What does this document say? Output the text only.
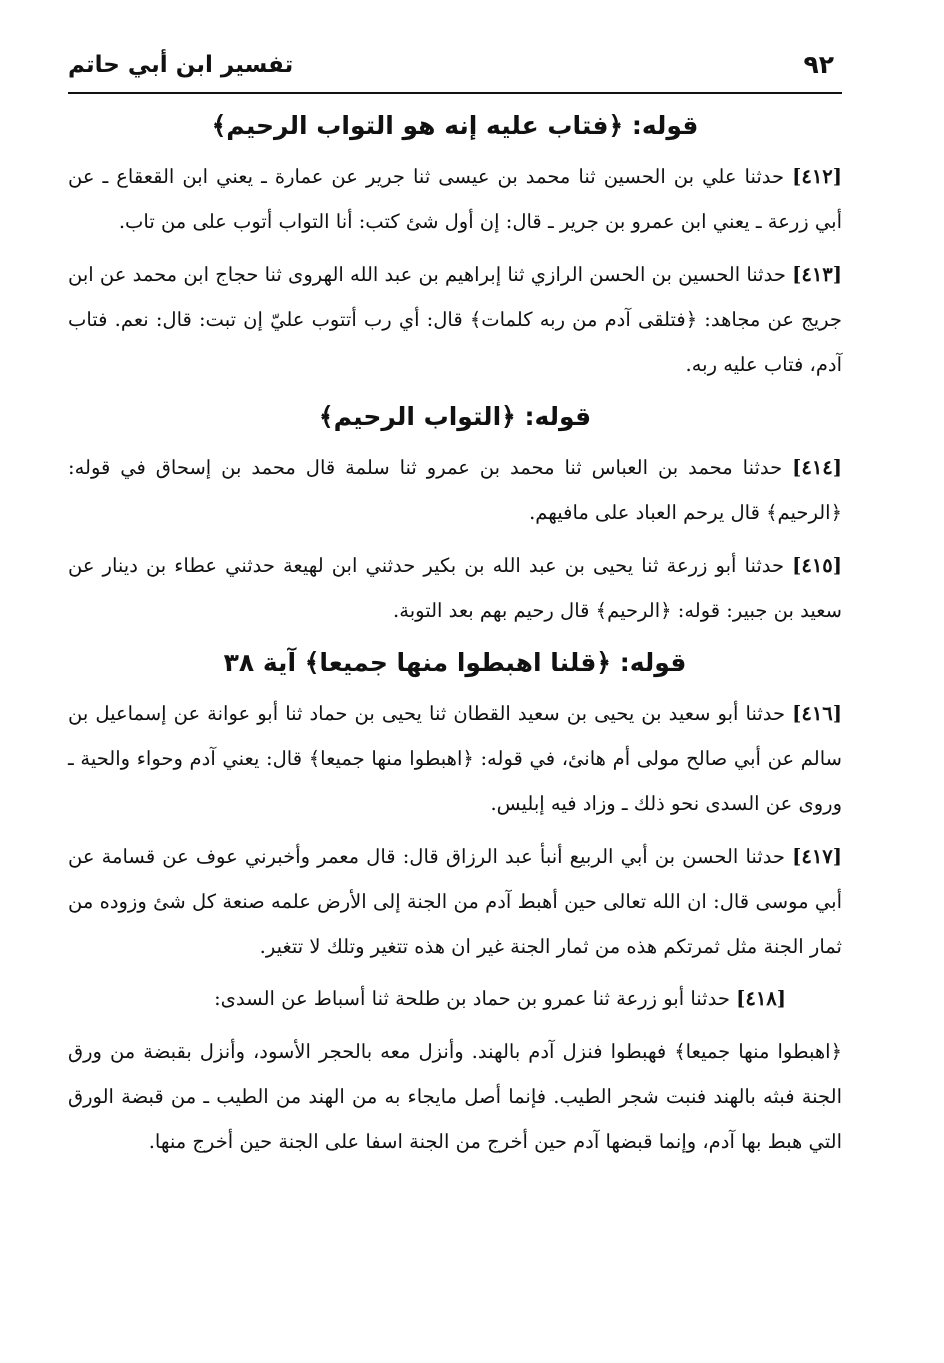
٩٢
تفسير ابن أبي حاتم
قوله: ﴿فتاب عليه إنه هو التواب الرحيم﴾

[٤١٢] حدثنا علي بن الحسين ثنا محمد بن عيسى ثنا جرير عن عمارة ـ يعني ابن القعقاع ـ عن أبي زرعة ـ يعني ابن عمرو بن جرير ـ قال: إن أول شئ كتب: أنا التواب أتوب على من تاب.

[٤١٣] حدثنا الحسين بن الحسن الرازي ثنا إبراهيم بن عبد الله الهروى ثنا حجاج ابن محمد عن ابن جريج عن مجاهد: ﴿فتلقى آدم من ربه كلمات﴾ قال: أي رب أتتوب عليّ إن تبت: قال: نعم. فتاب آدم، فتاب عليه ربه.

قوله: ﴿التواب الرحيم﴾

[٤١٤] حدثنا محمد بن العباس ثنا محمد بن عمرو ثنا سلمة قال محمد بن إسحاق في قوله: ﴿الرحيم﴾ قال يرحم العباد على مافيهم.

[٤١٥] حدثنا أبو زرعة ثنا يحيى بن عبد الله بن بكير حدثني ابن لهيعة حدثني عطاء بن دينار عن سعيد بن جبير: قوله: ﴿الرحيم﴾ قال رحيم بهم بعد التوبة.

قوله: ﴿قلنا اهبطوا منها جميعا﴾ آية ٣٨

[٤١٦] حدثنا أبو سعيد بن يحيى بن سعيد القطان ثنا يحيى بن حماد ثنا أبو عوانة عن إسماعيل بن سالم عن أبي صالح مولى أم هانئ، في قوله: ﴿اهبطوا منها جميعا﴾ قال: يعني آدم وحواء والحية ـ وروى عن السدى نحو ذلك ـ وزاد فيه إبليس.

[٤١٧] حدثنا الحسن بن أبي الربيع أنبأ عبد الرزاق قال: قال معمر وأخبرني عوف عن قسامة عن أبي موسى قال: ان الله تعالى حين أهبط آدم من الجنة إلى الأرض علمه صنعة كل شئ وزوده من ثمار الجنة مثل ثمرتكم هذه من ثمار الجنة غير ان هذه تتغير وتلك لا تتغير.

[٤١٨] حدثنا أبو زرعة ثنا عمرو بن حماد بن طلحة ثنا أسباط عن السدى:

﴿اهبطوا منها جميعا﴾ فهبطوا فنزل آدم بالهند. وأنزل معه بالحجر الأسود، وأنزل بقبضة من ورق الجنة فبثه بالهند فنبت شجر الطيب. فإنما أصل مايجاء به من الهند من الطيب ـ من قبضة الورق التي هبط بها آدم، وإنما قبضها آدم حين أخرج من الجنة اسفا على الجنة حين أخرج منها.
